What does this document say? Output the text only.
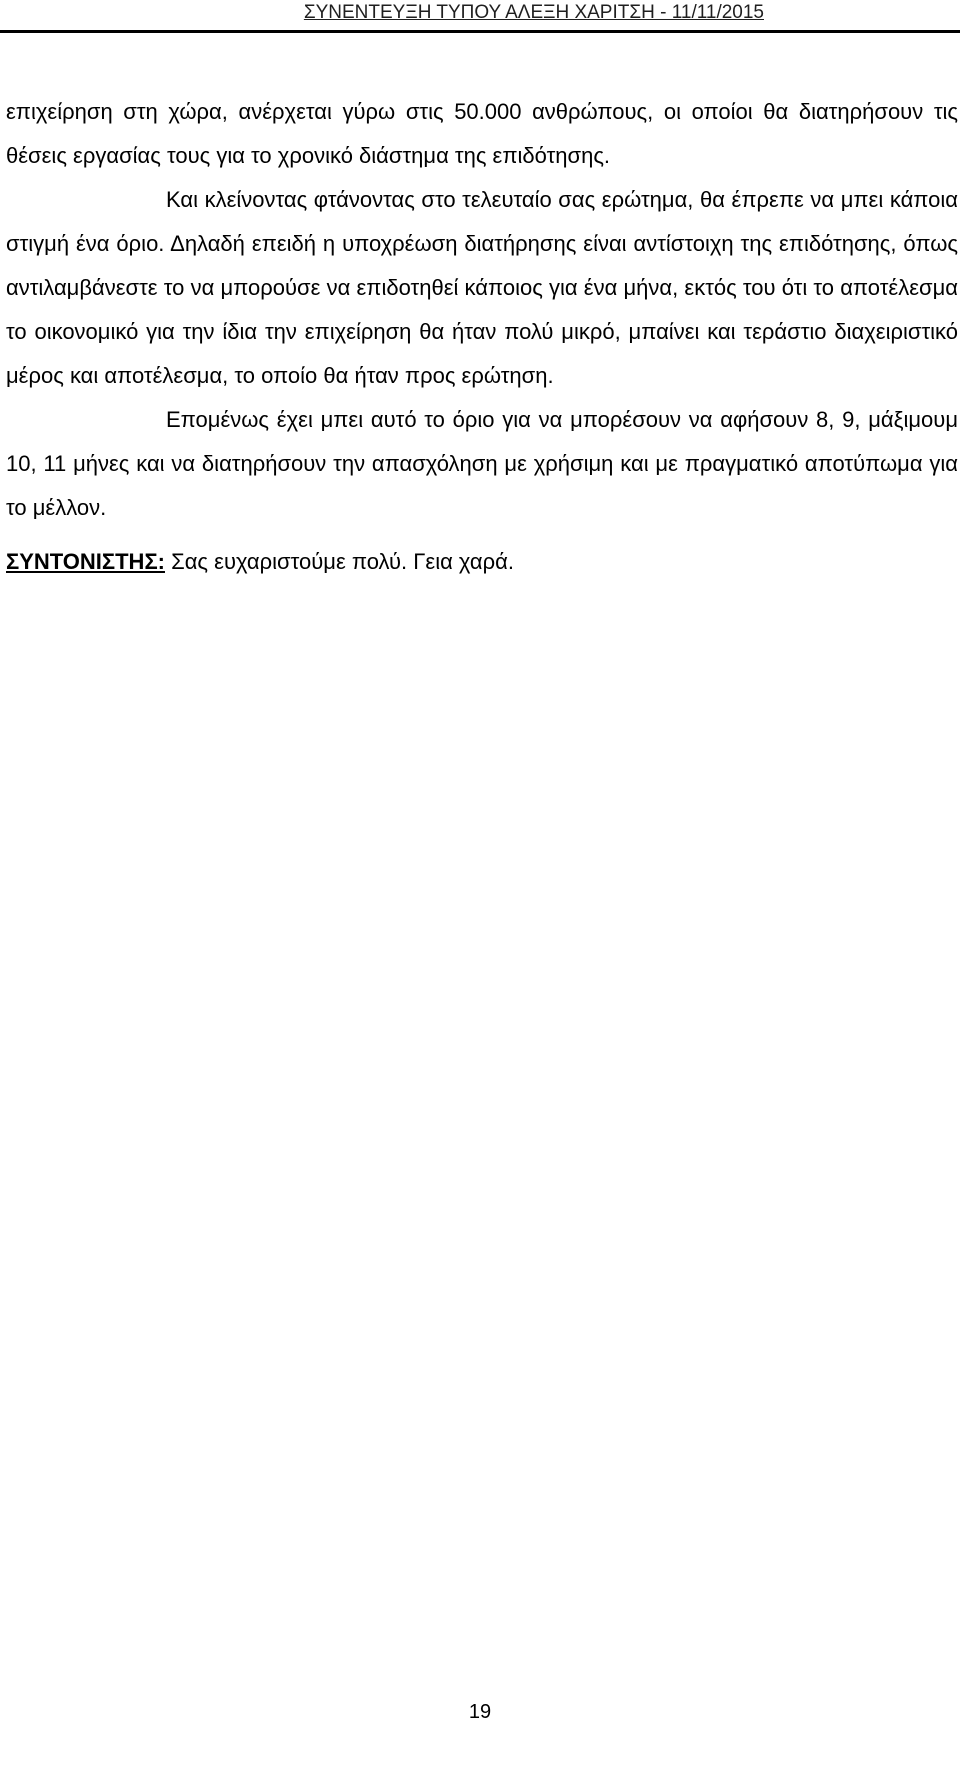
ΣΥΝΕΝΤΕΥΞΗ ΤΥΠΟΥ ΑΛΕΞΗ ΧΑΡΙΤΣΗ - 11/11/2015

επιχείρηση στη χώρα, ανέρχεται γύρω στις 50.000 ανθρώπους, οι οποίοι θα διατηρήσουν τις θέσεις εργασίας τους για το χρονικό διάστημα της επιδότησης.

Και κλείνοντας φτάνοντας στο τελευταίο σας ερώτημα, θα έπρεπε να μπει κάποια στιγμή ένα όριο. Δηλαδή επειδή η υποχρέωση διατήρησης είναι αντίστοιχη της επιδότησης, όπως αντιλαμβάνεστε το να μπορούσε να επιδοτηθεί κάποιος για ένα μήνα, εκτός του ότι το αποτέλεσμα το οικονομικό για την ίδια την επιχείρηση θα ήταν πολύ μικρό, μπαίνει και τεράστιο διαχειριστικό μέρος και αποτέλεσμα, το οποίο θα ήταν προς ερώτηση.

Επομένως έχει μπει αυτό το όριο για να μπορέσουν να αφήσουν 8, 9, μάξιμουμ 10, 11 μήνες και να διατηρήσουν την απασχόληση με χρήσιμη και με πραγματικό αποτύπωμα για το μέλλον.

ΣΥΝΤΟΝΙΣΤΗΣ: Σας ευχαριστούμε πολύ. Γεια χαρά.

19
